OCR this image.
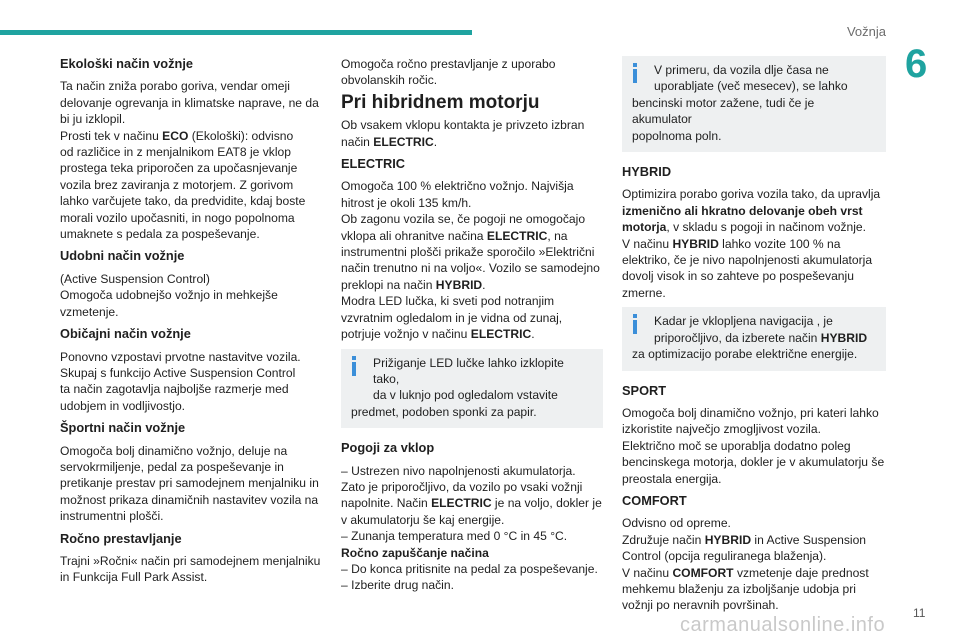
Vožnja
6
Ekološki način vožnje

Ta način zniža porabo goriva, vendar omeji
delovanje ogrevanja in klimatske naprave, ne da
bi ju izklopil.
Prosti tek v načinu ECO (Ekološki): odvisno
od različice in z menjalnikom EAT8 je vklop
prostega teka priporočen za upočasnjevanje
vozila brez zaviranja z motorjem. Z gorivom
lahko varčujete tako, da predvidite, kdaj boste
morali vozilo upočasniti, in nogo popolnoma
umaknete s pedala za pospeševanje.

Udobni način vožnje

(Active Suspension Control)
Omogoča udobnejšo vožnjo in mehkejše
vzmetenje.

Običajni način vožnje

Ponovno vzpostavi prvotne nastavitve vozila.
Skupaj s funkcijo Active Suspension Control
ta način zagotavlja najboljše razmerje med
udobjem in vodljivostjo.

Športni način vožnje

Omogoča bolj dinamično vožnjo, deluje na
servokrmiljenje, pedal za pospeševanje in
pretikanje prestav pri samodejnem menjalniku in
možnost prikaza dinamičnih nastavitev vozila na
instrumentni plošči.

Ročno prestavljanje

Trajni »Ročni« način pri samodejnem menjalniku
in Funkcija Full Park Assist.

Omogoča ročno prestavljanje z uporabo
obvolanskih ročic.

Pri hibridnem motorju

Ob vsakem vklopu kontakta je privzeto izbran
način ELECTRIC.

ELECTRIC

Omogoča 100 % električno vožnjo. Najvišja
hitrost je okoli 135 km/h.
Ob zagonu vozila se, če pogoji ne omogočajo
vklopa ali ohranitve načina ELECTRIC, na
instrumentni plošči prikaže sporočilo »Električni
način trenutno ni na voljo«. Vozilo se samodejno
preklopi na način HYBRID.
Modra LED lučka, ki sveti pod notranjim
vzvratnim ogledalom in je vidna od zunaj,
potrjuje vožnjo v načinu ELECTRIC.

Prižiganje LED lučke lahko izklopite tako,
da v luknjo pod ogledalom vstavite
predmet, podoben sponki za papir.
Pogoji za vklop

– Ustrezen nivo napolnjenosti akumulatorja.
Zato je priporočljivo, da vozilo po vsaki vožnji
napolnite. Način ELECTRIC je na voljo, dokler je
v akumulatorju še kaj energije.
– Zunanja temperatura med 0 °C in 45 °C.
Ročno zapuščanje načina
– Do konca pritisnite na pedal za pospeševanje.
– Izberite drug način.

V primeru, da vozila dlje časa ne
uporabljate (več mesecev), se lahko
bencinski motor zažene, tudi če je akumulator
popolnoma poln.
HYBRID

Optimizira porabo goriva vozila tako, da upravlja
izmenično ali hkratno delovanje obeh vrst
motorja, v skladu s pogoji in načinom vožnje.
V načinu HYBRID lahko vozite 100 % na
elektriko, če je nivo napolnjenosti akumulatorja
dovolj visok in so zahteve po pospeševanju
zmerne.

Kadar je vklopljena navigacija , je
priporočljivo, da izberete način HYBRID
za optimizacijo porabe električne energije.
SPORT

Omogoča bolj dinamično vožnjo, pri kateri lahko
izkoristite največjo zmogljivost vozila.
Električno moč se uporablja dodatno poleg
bencinskega motorja, dokler je v akumulatorju še
preostala energija.

COMFORT

Odvisno od opreme.
Združuje način HYBRID in Active Suspension
Control (opcija reguliranega blaženja).
V načinu COMFORT vzmetenje daje prednost
mehkemu blaženju za izboljšanje udobja pri
vožnji po neravnih površinah.

carmanualsonline.info
11
